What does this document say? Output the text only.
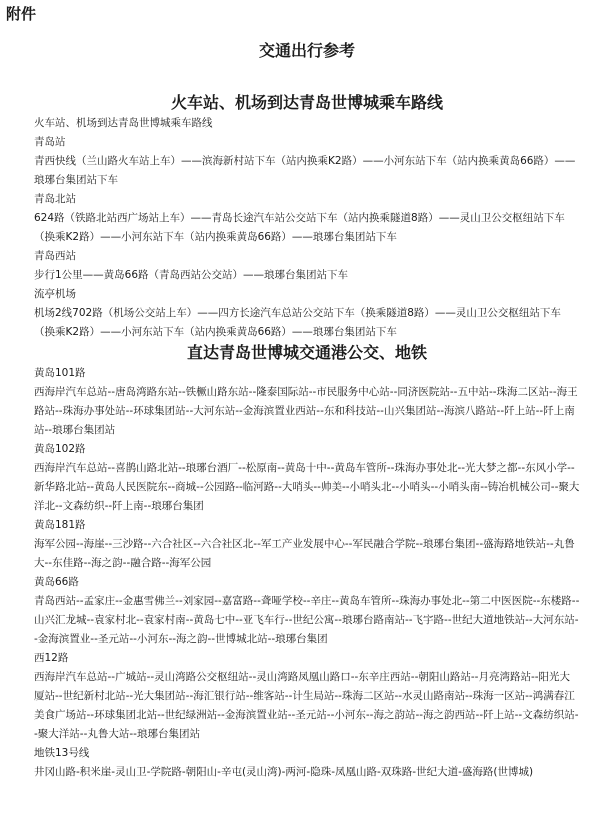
附件
交通出行参考
火车站、机场到达青岛世博城乘车路线
火车站、机场到达青岛世博城乘车路线
青岛站
青西快线（兰山路火车站上车）——滨海新村站下车（站内换乘K2路）——小河东站下车（站内换乘黄岛66路）——琅琊台集团站下车
青岛北站
624路（铁路北站西广场站上车）——青岛长途汽车站公交站下车（站内换乘隧道8路）——灵山卫公交枢纽站下车（换乘K2路）——小河东站下车（站内换乘黄岛66路）——琅琊台集团站下车
青岛西站
步行1公里——黄岛66路（青岛西站公交站）——琅琊台集团站下车
流亭机场
机场2线702路（机场公交站上车）——四方长途汽车总站公交站下车（换乘隧道8路）——灵山卫公交枢纽站下车（换乘K2路）——小河东站下车（站内换乘黄岛66路）——琅琊台集团站下车
直达青岛世博城交通港公交、地铁
黄岛101路
西海岸汽车总站--唐岛湾路东站--铁橛山路东站--隆泰国际站--市民服务中心站--同济医院站--五中站--珠海二区站--海王路站--珠海办事处站--环球集团站--大河东站--金海滨置业西站--东和科技站--山兴集团站--海滨八路站--阡上站--阡上南站--琅琊台集团站
黄岛102路
西海岸汽车总站--喜鹊山路北站--琅琊台酒厂--松原南--黄岛十中--黄岛车管所--珠海办事处北--光大梦之都--东风小学--新华路北站--黄岛人民医院东--商城--公园路--临河路--大哨头--帅美--小哨头北--小哨头--小哨头南--铸冶机械公司--聚大洋北--文森纺织--阡上南--琅琊台集团
黄岛181路
海军公园--海崖--三沙路--六合社区--六合社区北--军工产业发展中心--军民融合学院--琅琊台集团--盛海路地铁站--丸鲁大--东佳路--海之韵--融合路--海军公园
黄岛66路
青岛西站--孟家庄--金惠雪佛兰--刘家园--嘉富路--聋哑学校--辛庄--黄岛车管所--珠海办事处北--第二中医医院--东楼路--山兴汇龙城--袁家村北--袁家村南--黄岛七中--亚飞车行--世纪公寓--琅琊台路南站--飞宇路--世纪大道地铁站--大河东站--金海滨置业--圣元站--小河东--海之韵--世博城北站--琅琊台集团
西12路
西海岸汽车总站--广城站--灵山湾路公交枢纽站--灵山湾路凤凰山路口--东辛庄西站--朝阳山路站--月亮湾路站--阳光大厦站--世纪新村北站--光大集团站--海汇银行站--维客站--计生局站--珠海二区站--水灵山路南站--珠海一区站--鸿满春江美食广场站--环球集团北站--世纪绿洲站--金海滨置业站--圣元站--小河东--海之韵站--海之韵西站--阡上站--文森纺织站--聚大洋站--丸鲁大站--琅琊台集团站
地铁13号线
井冈山路-积米崖-灵山卫-学院路-朝阳山-辛屯(灵山湾)-两河-隐珠-凤凰山路-双珠路-世纪大道-盛海路(世博城)
